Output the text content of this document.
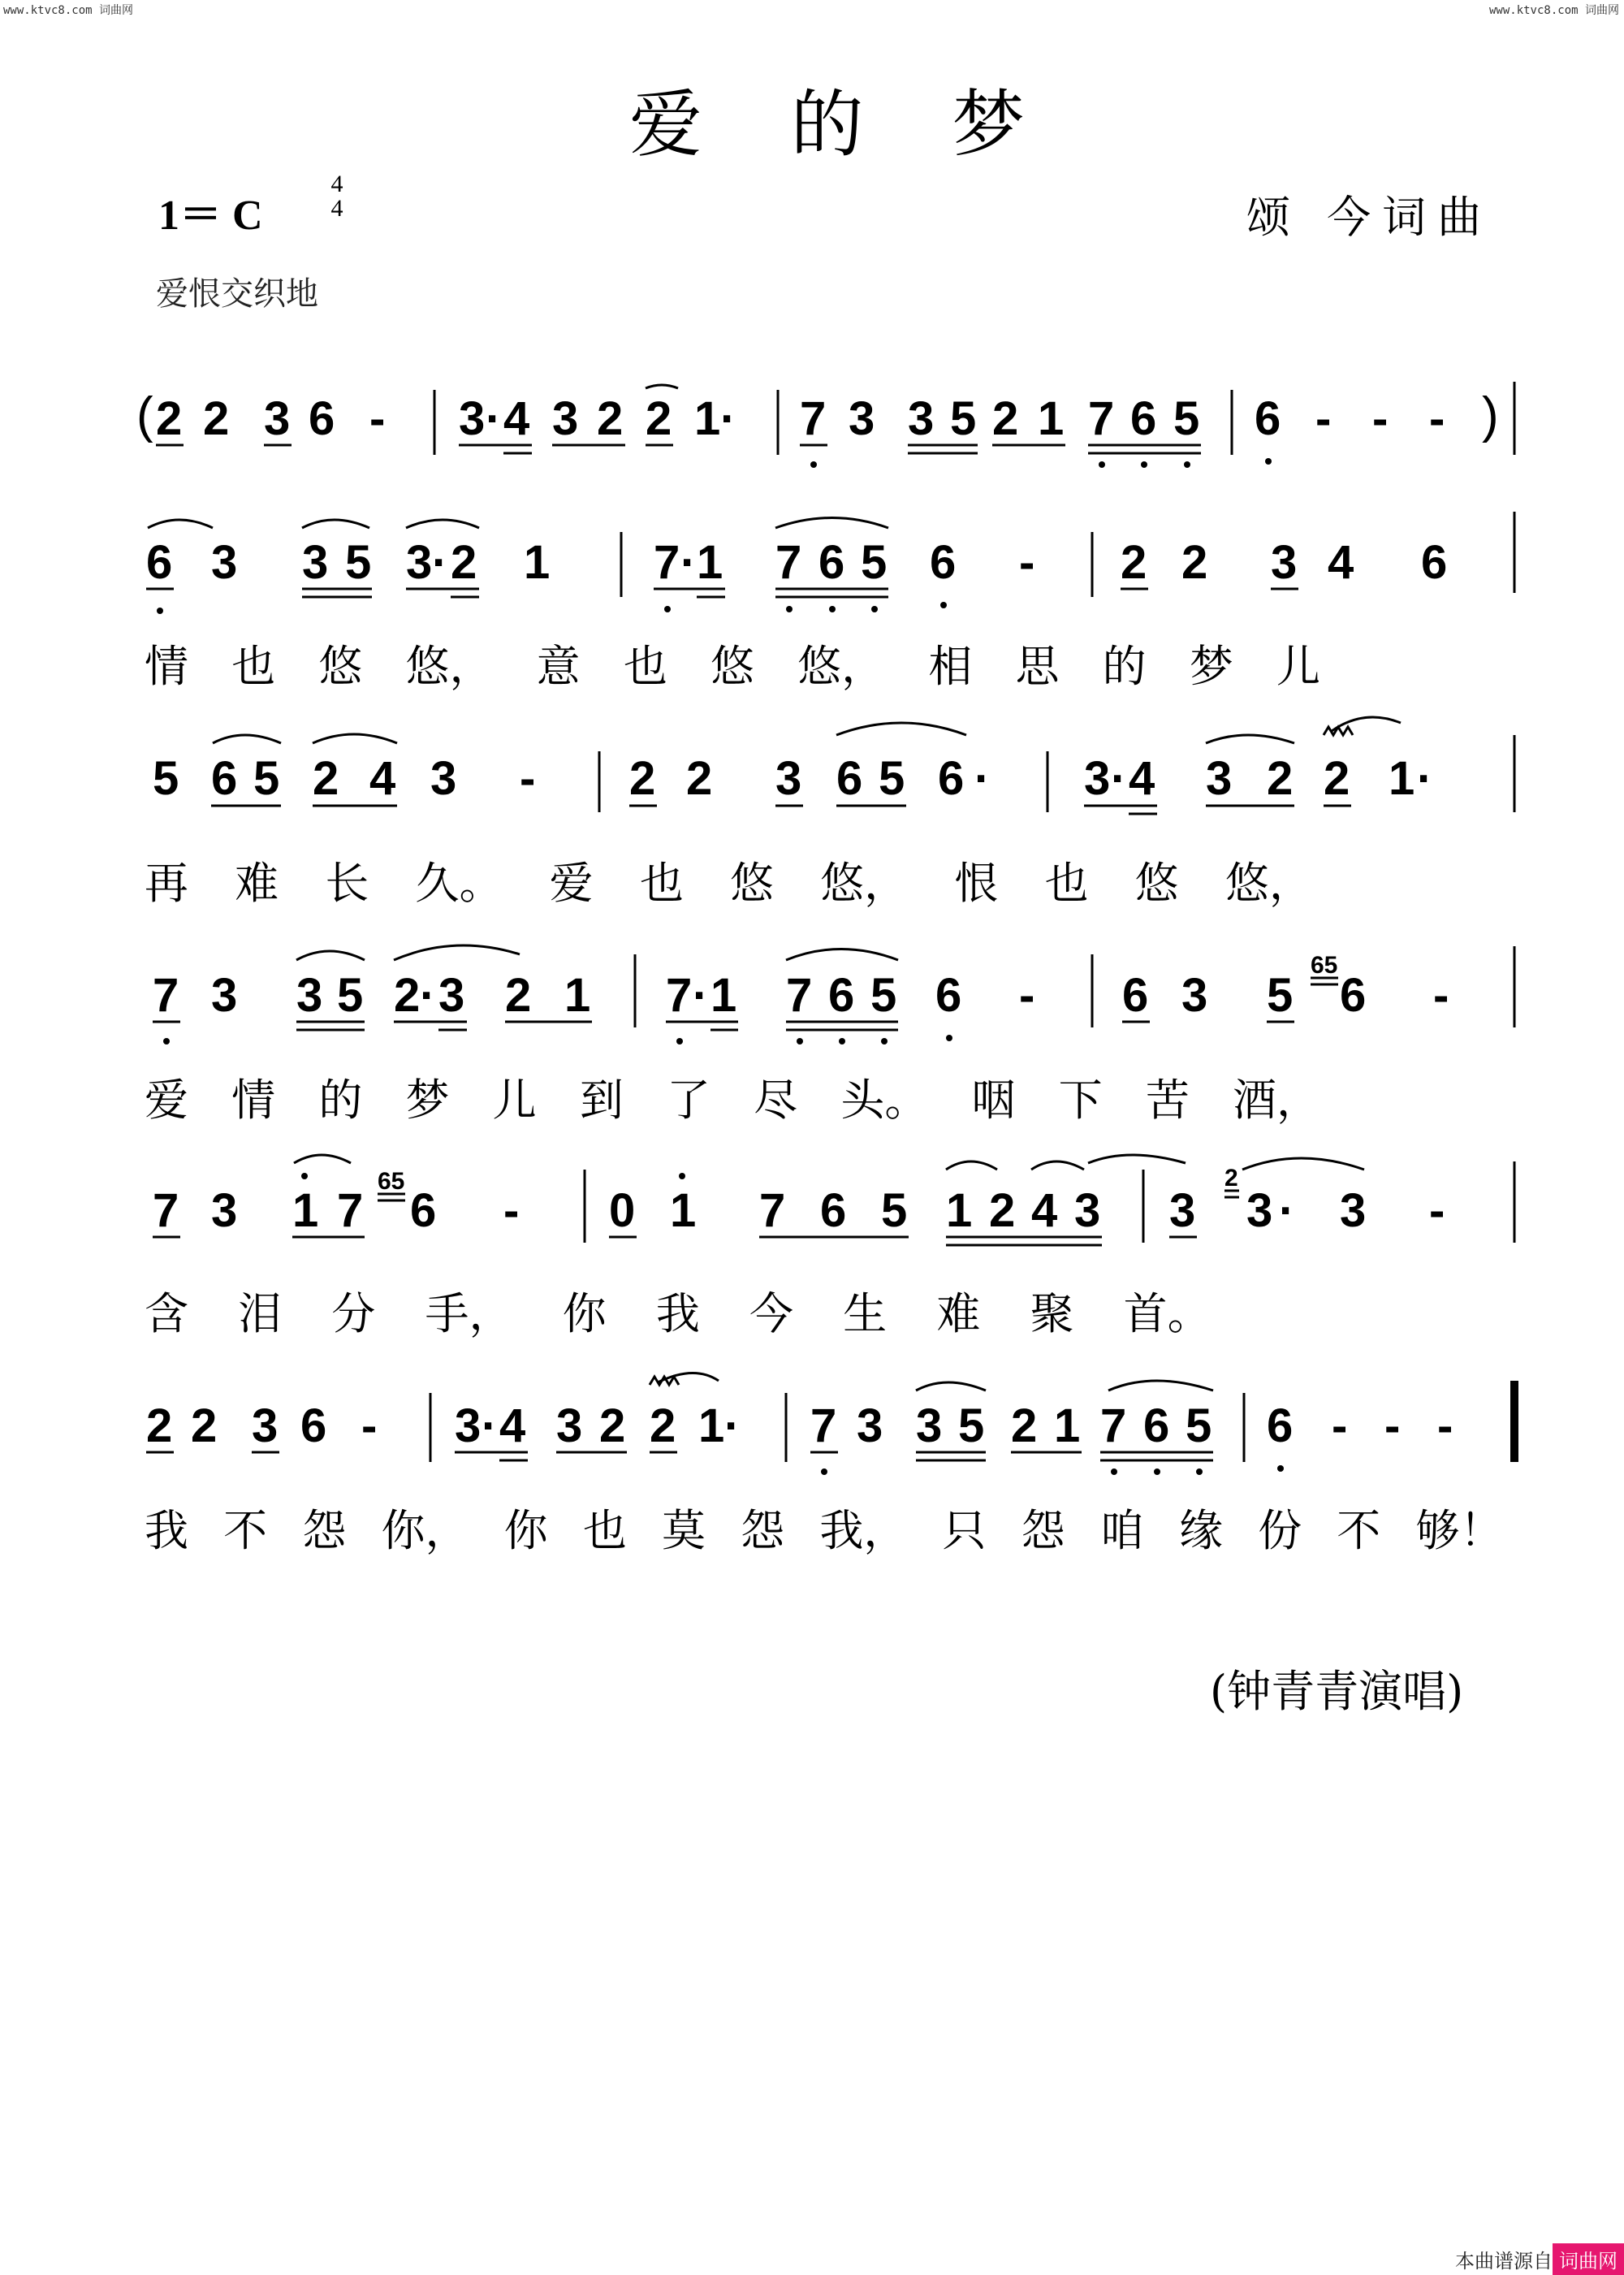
www.ktvc8.com 词曲网	www.ktvc8.com 词曲网
爱 的 梦
1＝ C
4
4	颂 今词曲
爱恨交织地
( 2 2 3 6 - 3 · 4 3 2 2 1 · 7 3 3 5 2 1 7 6 5 6 - - - )
6 3 3 5 3 · 2 1 7 · 1 7 6 5 6 - 2 2 3 4 6
5 6 5 2 4 3 - 2 2 3 6 5 6 · 3 · 4 3 2 2 1 ·
7 3 3 5 2 · 3 2 1 7 · 1 7 6 5 6 - 6 3 5
65
6 -
7 3 1 7
65
6 - 0 1 7 6 5 1 2 4 3 3
2
3 · 3 -
2 2 3 6 - 3 · 4 3 2 2 1 · 7 3 3 5 2 1 7 6 5 6 - - -
情 也 悠 悠， 意 也 悠 悠， 相 思 的 梦 儿
再 难 长 久。 爱 也 悠 悠， 恨 也 悠 悠，
爱 情 的 梦 儿 到 了 尽 头。 咽 下 苦 酒，
含 泪 分 手， 你 我 今 生 难 聚 首。
我 不 怨 你， 你 也 莫 怨 我， 只 怨 咱 缘 份 不 够！
(2 2 3 6 - | 3·4 3 2 2 1· | 7 3 3 5 2 1 7 6 5 | 6 - - - ) 6 3 3 5 3·2 1 | 7·1 7 6 5 6 - | 2 2 3 4 6 5 6 5 2 4 3 - | 2 2 3 6 5 6· | 3·4 3 2 2 1· 7 3 3 5 2·3 2 1 | 7·1 7 6 5 6 - | 6 3 5 65 6 - 7 3 1 7 65 6 - | 0 1 7 6 5 1 2 4 3 | 3 2 3· 3 - 2 2 3 6 - | 3·4 3 2 2 1· | 7 3 3 5 2 1 7 6 5 | 6 - - -
(钟青青演唱)
本曲谱源自 词曲网
